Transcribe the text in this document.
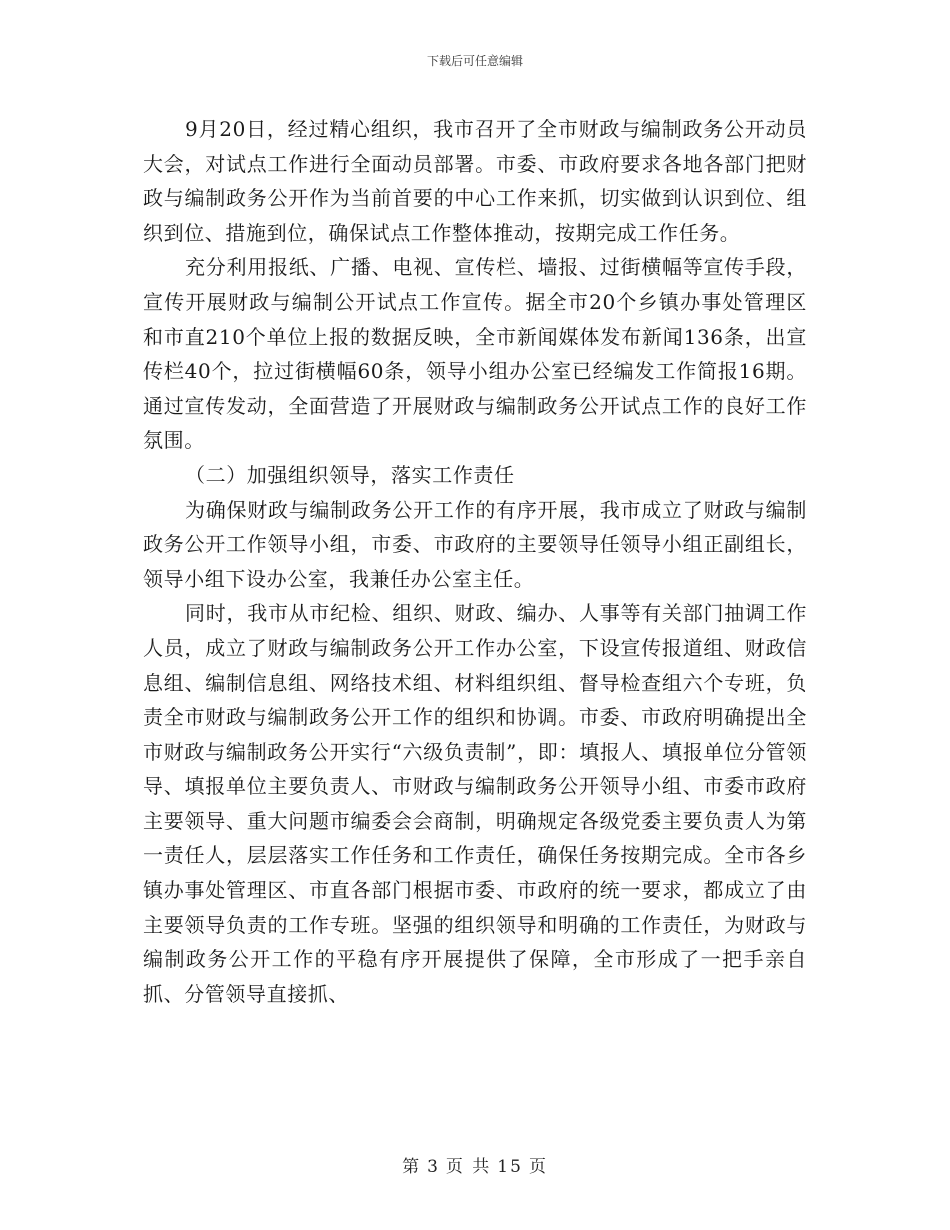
下载后可任意编辑

9月20日，经过精心组织，我市召开了全市财政与编制政务公开动员大会，对试点工作进行全面动员部署。市委、市政府要求各地各部门把财政与编制政务公开作为当前首要的中心工作来抓，切实做到认识到位、组织到位、措施到位，确保试点工作整体推动，按期完成工作任务。

充分利用报纸、广播、电视、宣传栏、墙报、过街横幅等宣传手段，宣传开展财政与编制公开试点工作宣传。据全市20个乡镇办事处管理区和市直210个单位上报的数据反映，全市新闻媒体发布新闻136条，出宣传栏40个，拉过街横幅60条，领导小组办公室已经编发工作简报16期。通过宣传发动，全面营造了开展财政与编制政务公开试点工作的良好工作氛围。

（二）加强组织领导，落实工作责任

为确保财政与编制政务公开工作的有序开展，我市成立了财政与编制政务公开工作领导小组，市委、市政府的主要领导任领导小组正副组长，领导小组下设办公室，我兼任办公室主任。

同时，我市从市纪检、组织、财政、编办、人事等有关部门抽调工作人员，成立了财政与编制政务公开工作办公室，下设宣传报道组、财政信息组、编制信息组、网络技术组、材料组织组、督导检查组六个专班，负责全市财政与编制政务公开工作的组织和协调。市委、市政府明确提出全市财政与编制政务公开实行“六级负责制”，即：填报人、填报单位分管领导、填报单位主要负责人、市财政与编制政务公开领导小组、市委市政府主要领导、重大问题市编委会会商制，明确规定各级党委主要负责人为第一责任人，层层落实工作任务和工作责任，确保任务按期完成。全市各乡镇办事处管理区、市直各部门根据市委、市政府的统一要求，都成立了由主要领导负责的工作专班。坚强的组织领导和明确的工作责任，为财政与编制政务公开工作的平稳有序开展提供了保障，全市形成了一把手亲自抓、分管领导直接抓、

第 3 页 共 15 页
